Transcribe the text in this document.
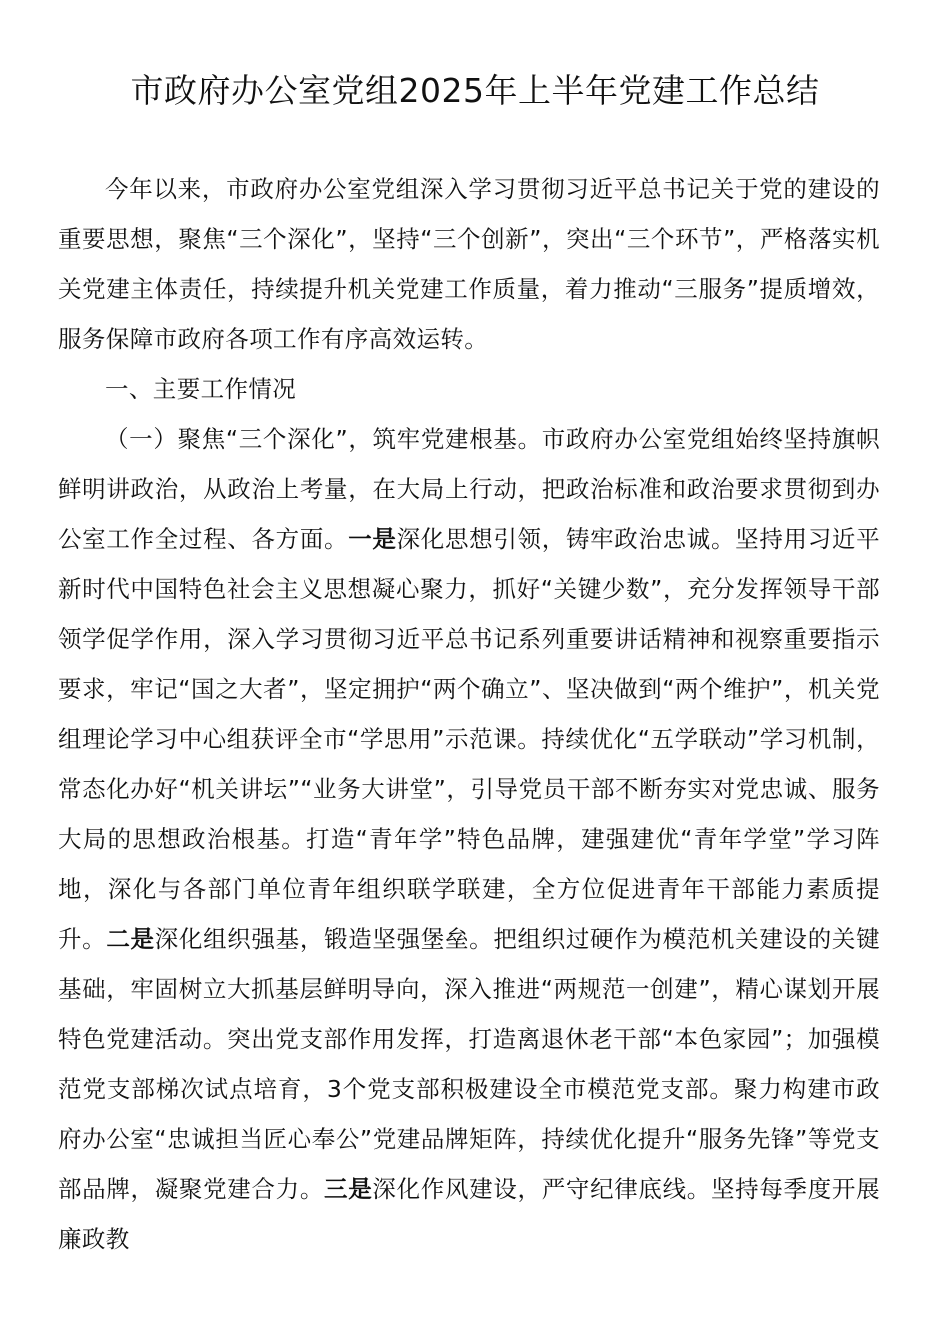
市政府办公室党组2025年上半年党建工作总结

今年以来，市政府办公室党组深入学习贯彻习近平总书记关于党的建设的重要思想，聚焦“三个深化”，坚持“三个创新”，突出“三个环节”，严格落实机关党建主体责任，持续提升机关党建工作质量，着力推动“三服务”提质增效，服务保障市政府各项工作有序高效运转。

一、主要工作情况

（一）聚焦“三个深化”，筑牢党建根基。市政府办公室党组始终坚持旗帜鲜明讲政治，从政治上考量，在大局上行动，把政治标准和政治要求贯彻到办公室工作全过程、各方面。一是深化思想引领，铸牢政治忠诚。坚持用习近平新时代中国特色社会主义思想凝心聚力，抓好“关键少数”，充分发挥领导干部领学促学作用，深入学习贯彻习近平总书记系列重要讲话精神和视察重要指示要求，牢记“国之大者”，坚定拥护“两个确立”、坚决做到“两个维护”，机关党组理论学习中心组获评全市“学思用”示范课。持续优化“五学联动”学习机制，常态化办好“机关讲坛”“业务大讲堂”，引导党员干部不断夯实对党忠诚、服务大局的思想政治根基。打造“青年学”特色品牌，建强建优“青年学堂”学习阵地，深化与各部门单位青年组织联学联建，全方位促进青年干部能力素质提升。二是深化组织强基，锻造坚强堡垒。把组织过硬作为模范机关建设的关键基础，牢固树立大抓基层鲜明导向，深入推进“两规范一创建”，精心谋划开展特色党建活动。突出党支部作用发挥，打造离退休老干部“本色家园”；加强模范党支部梯次试点培育，3个党支部积极建设全市模范党支部。聚力构建市政府办公室“忠诚担当匠心奉公”党建品牌矩阵，持续优化提升“服务先锋”等党支部品牌，凝聚党建合力。三是深化作风建设，严守纪律底线。坚持每季度开展廉政教
